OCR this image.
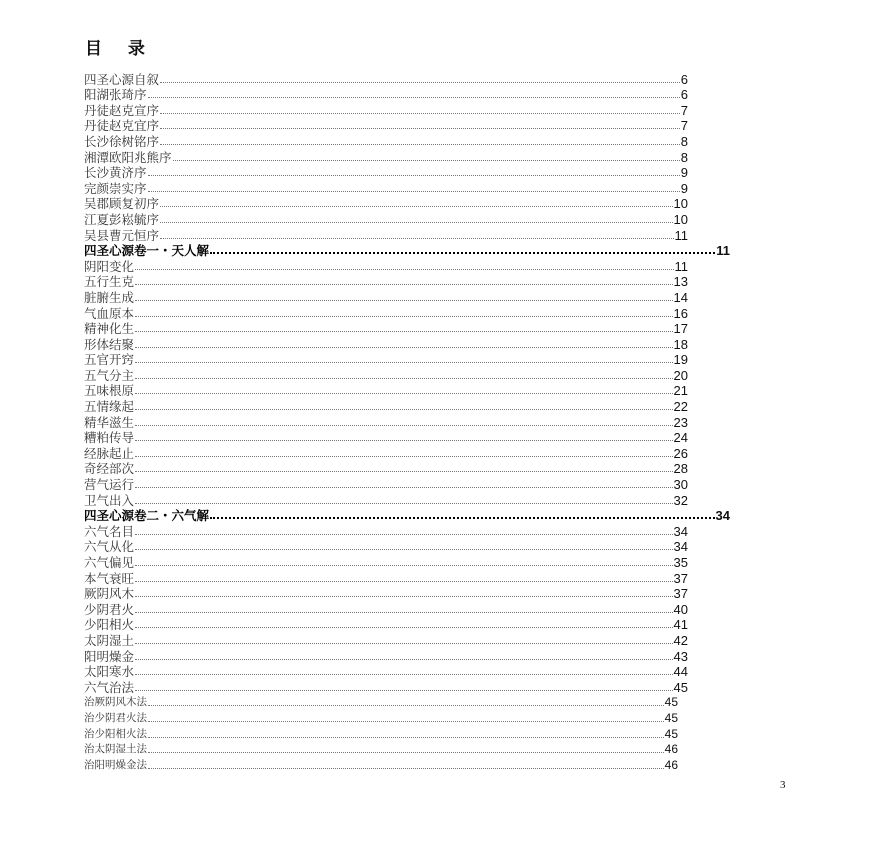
目 录
四圣心源自叙	6
阳湖张琦序	6
丹徒赵克宣序	7
丹徒赵克宜序	7
长沙徐树铭序	8
湘潭欧阳兆熊序	8
长沙黄济序	9
完颜崇实序	9
吴郡顾复初序	10
江夏彭崧毓序	10
吴县曹元恒序	11
四圣心源卷一・天人解	11
阴阳变化	11
五行生克	13
脏腑生成	14
气血原本	16
精神化生	17
形体结聚	18
五官开窍	19
五气分主	20
五味根原	21
五情缘起	22
精华滋生	23
糟粕传导	24
经脉起止	26
奇经部次	28
营气运行	30
卫气出入	32
四圣心源卷二・六气解	34
六气名目	34
六气从化	34
六气偏见	35
本气衰旺	37
厥阴风木	37
少阴君火	40
少阳相火	41
太阴湿土	42
阳明燥金	43
太阳寒水	44
六气治法	45
治厥阴风木法	45
治少阴君火法	45
治少阳相火法	45
治太阴湿土法	46
治阳明燥金法	46
3
